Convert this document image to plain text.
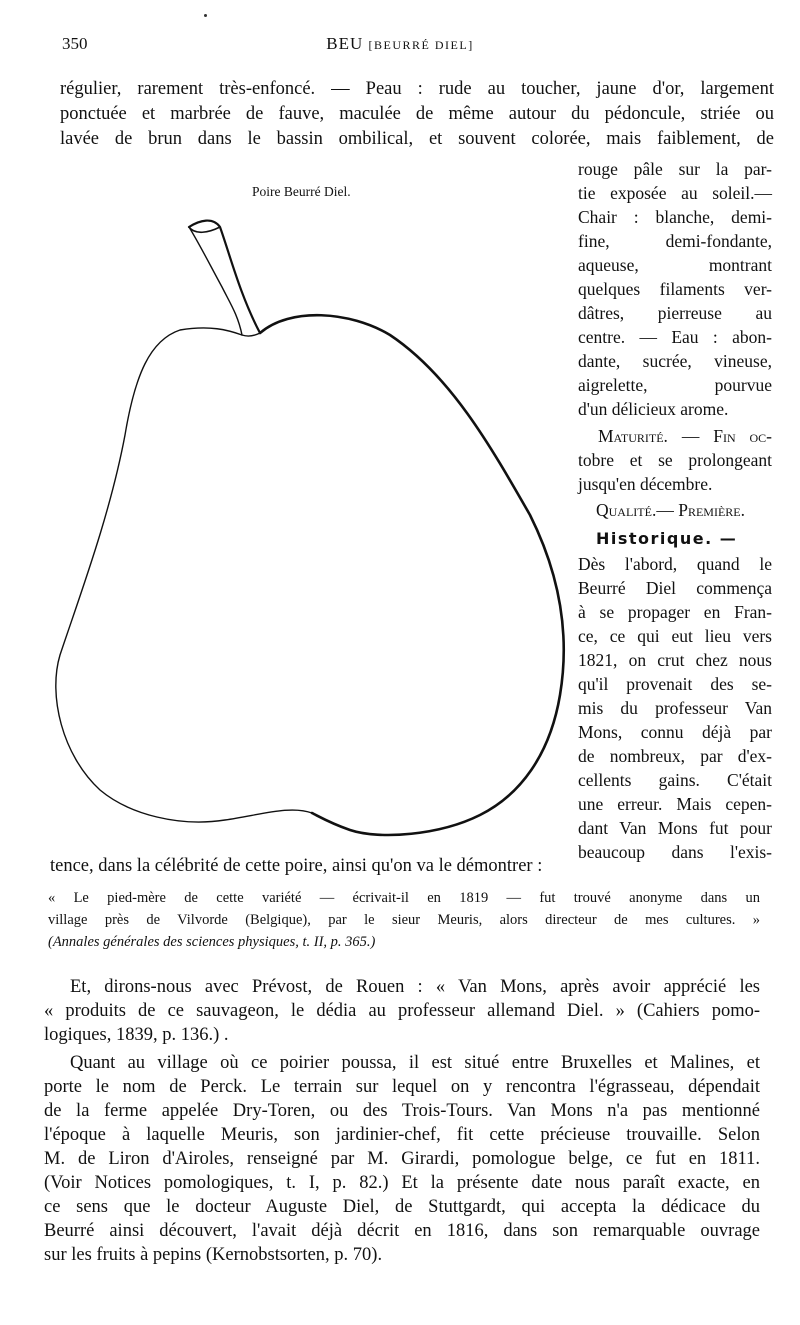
350	BEU [BEURRÉ DIEL]
régulier, rarement très-enfoncé. — Peau : rude au toucher, jaune d'or, largement
ponctuée et marbrée de fauve, maculée de même autour du pédoncule, striée ou
lavée de brun dans le bassin ombilical, et souvent colorée, mais faiblement, de
Poire Beurré Diel.
rouge pâle sur la par-
tie exposée au soleil.—
Chair : blanche, demi-
fine, demi-fondante,
aqueuse, montrant
quelques filaments ver-
dâtres, pierreuse au
centre. — Eau : abon-
dante, sucrée, vineuse,
aigrelette, pourvue
d'un délicieux arome.
Maturité. — Fin oc-
tobre et se prolongeant
jusqu'en décembre.
Qualité.— Première.
Historique. —
Dès l'abord, quand le
Beurré Diel commença
à se propager en Fran-
ce, ce qui eut lieu vers
1821, on crut chez nous
qu'il provenait des se-
mis du professeur Van
Mons, connu déjà par
de nombreux, par d'ex-
cellents gains. C'était
une erreur. Mais cepen-
dant Van Mons fut pour
beaucoup dans l'exis-
tence, dans la célébrité de cette poire, ainsi qu'on va le démontrer :
« Le pied-mère de cette variété — écrivait-il en 1819 — fut trouvé anonyme dans un
village près de Vilvorde (Belgique), par le sieur Meuris, alors directeur de mes cultures. »
(Annales générales des sciences physiques, t. II, p. 365.)
Et, dirons-nous avec Prévost, de Rouen : « Van Mons, après avoir apprécié les
« produits de ce sauvageon, le dédia au professeur allemand Diel. » (Cahiers pomo-
logiques, 1839, p. 136.) .
Quant au village où ce poirier poussa, il est situé entre Bruxelles et Malines, et
porte le nom de Perck. Le terrain sur lequel on y rencontra l'égrasseau, dépendait
de la ferme appelée Dry-Toren, ou des Trois-Tours. Van Mons n'a pas mentionné
l'époque à laquelle Meuris, son jardinier-chef, fit cette précieuse trouvaille. Selon
M. de Liron d'Airoles, renseigné par M. Girardi, pomologue belge, ce fut en 1811.
(Voir Notices pomologiques, t. I, p. 82.) Et la présente date nous paraît exacte, en
ce sens que le docteur Auguste Diel, de Stuttgardt, qui accepta la dédicace du
Beurré ainsi découvert, l'avait déjà décrit en 1816, dans son remarquable ouvrage
sur les fruits à pepins (Kernobstsorten, p. 70).
